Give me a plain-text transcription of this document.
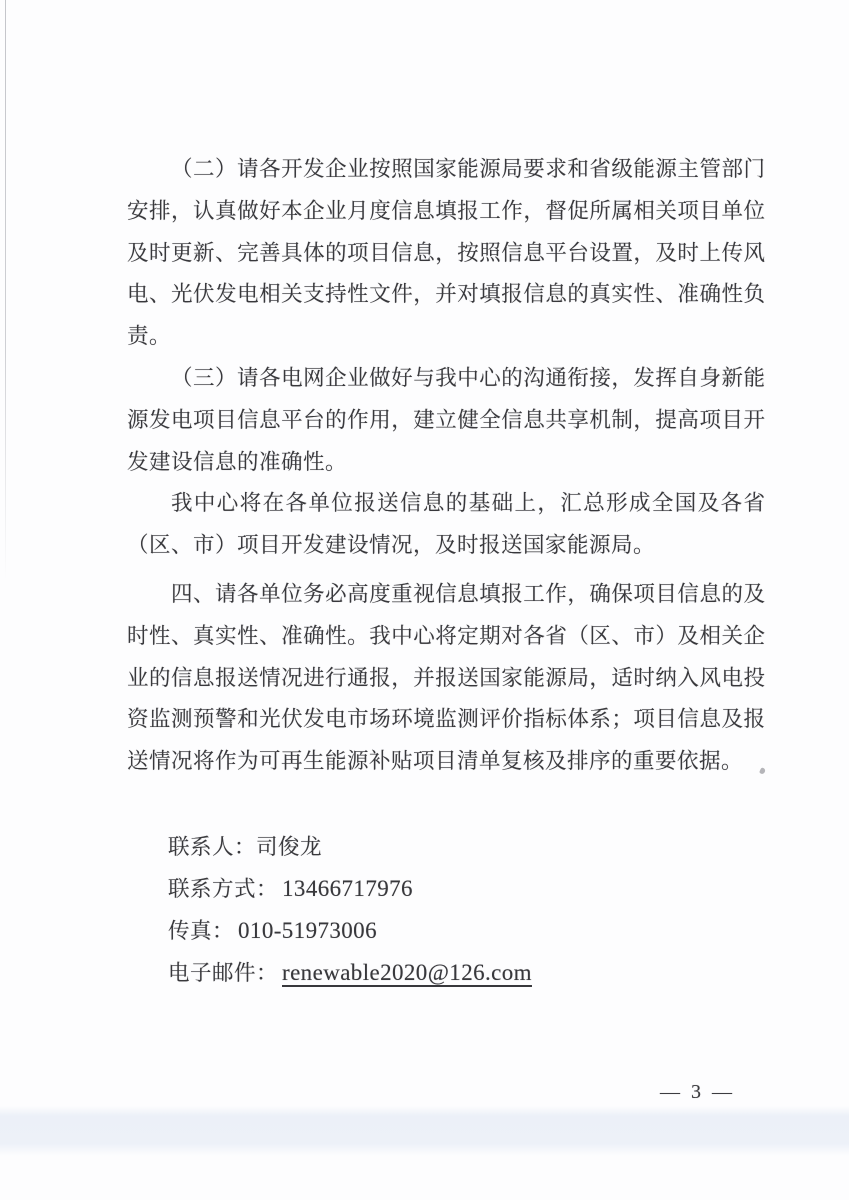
（二）请各开发企业按照国家能源局要求和省级能源主管部门
安排，认真做好本企业月度信息填报工作，督促所属相关项目单位
及时更新、完善具体的项目信息，按照信息平台设置，及时上传风
电、光伏发电相关支持性文件，并对填报信息的真实性、准确性负
责。
（三）请各电网企业做好与我中心的沟通衔接，发挥自身新能
源发电项目信息平台的作用，建立健全信息共享机制，提高项目开
发建设信息的准确性。
我中心将在各单位报送信息的基础上，汇总形成全国及各省
（区、市）项目开发建设情况，及时报送国家能源局。
四、请各单位务必高度重视信息填报工作，确保项目信息的及
时性、真实性、准确性。我中心将定期对各省（区、市）及相关企
业的信息报送情况进行通报，并报送国家能源局，适时纳入风电投
资监测预警和光伏发电市场环境监测评价指标体系；项目信息及报
送情况将作为可再生能源补贴项目清单复核及排序的重要依据。
联系人：司俊龙
联系方式： 13466717976
传真： 010-51973006
电子邮件： renewable2020@126.com
— 3 —
